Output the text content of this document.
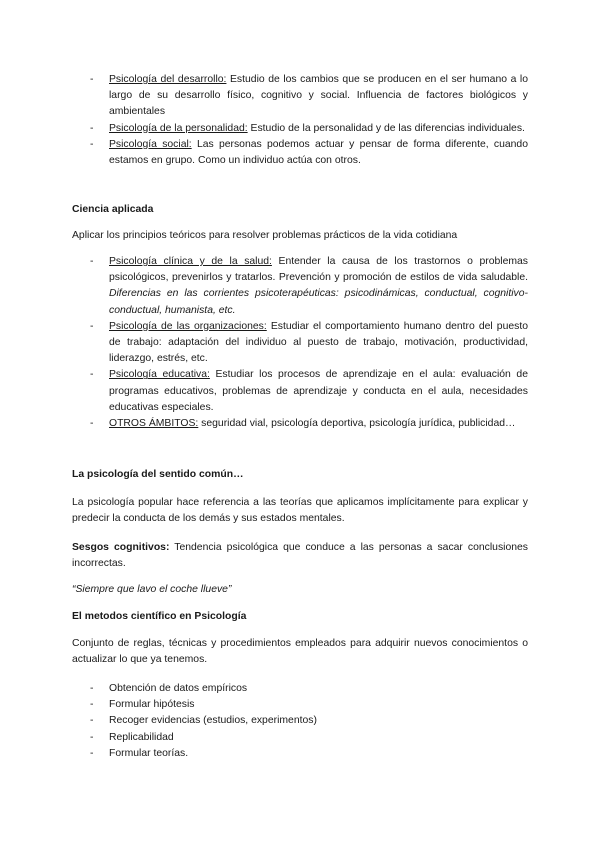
- Psicología del desarrollo: Estudio de los cambios que se producen en el ser humano a lo largo de su desarrollo físico, cognitivo y social. Influencia de factores biológicos y ambientales
- Psicología de la personalidad: Estudio de la personalidad y de las diferencias individuales.
- Psicología social: Las personas podemos actuar y pensar de forma diferente, cuando estamos en grupo. Como un individuo actúa con otros.
Ciencia aplicada

Aplicar los principios teóricos para resolver problemas prácticos de la vida cotidiana

- Psicología clínica y de la salud: Entender la causa de los trastornos o problemas psicológicos, prevenirlos y tratarlos. Prevención y promoción de estilos de vida saludable. Diferencias en las corrientes psicoterapéuticas: psicodinámicas, conductual, cognitivo-conductual, humanista, etc.
- Psicología de las organizaciones: Estudiar el comportamiento humano dentro del puesto de trabajo: adaptación del individuo al puesto de trabajo, motivación, productividad, liderazgo, estrés, etc.
- Psicología educativa: Estudiar los procesos de aprendizaje en el aula: evaluación de programas educativos, problemas de aprendizaje y conducta en el aula, necesidades educativas especiales.
- OTROS ÁMBITOS: seguridad vial, psicología deportiva, psicología jurídica, publicidad…
La psicología del sentido común…

La psicología popular hace referencia a las teorías que aplicamos implícitamente para explicar y predecir la conducta de los demás y sus estados mentales.

Sesgos cognitivos: Tendencia psicológica que conduce a las personas a sacar conclusiones incorrectas.

“Siempre que lavo el coche llueve”

El metodos científico en Psicología

Conjunto de reglas, técnicas y procedimientos empleados para adquirir nuevos conocimientos o actualizar lo que ya tenemos.

- Obtención de datos empíricos
- Formular hipótesis
- Recoger evidencias (estudios, experimentos)
- Replicabilidad
- Formular teorías.
